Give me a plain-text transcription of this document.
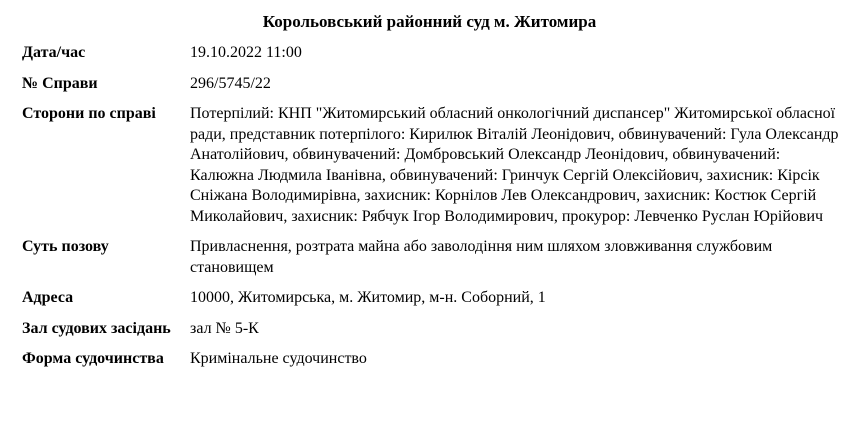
Корольовський районний суд м. Житомира
Дата/час	19.10.2022 11:00
№ Справи	296/5745/22
Сторони по справі	Потерпілий: КНП "Житомирський обласний онкологічний диспансер" Житомирської обласної ради, представник потерпілого: Кирилюк Віталій Леонідович, обвинувачений: Гула Олександр Анатолійович, обвинувачений: Домбровський Олександр Леонідович, обвинувачений: Калюжна Людмила Іванівна, обвинувачений: Гринчук Сергій Олексійович, захисник: Кірсік Сніжана Володимирівна, захисник: Корнілов Лев Олександрович, захисник: Костюк Сергій Миколайович, захисник: Рябчук Ігор Володимирович, прокурор: Левченко Руслан Юрійович
Суть позову	Привласнення, розтрата майна або заволодіння ним шляхом зловживання службовим становищем
Адреса	10000, Житомирська, м. Житомир, м-н. Соборний, 1
Зал судових засідань	зал № 5-К
Форма судочинства	Кримінальне судочинство
